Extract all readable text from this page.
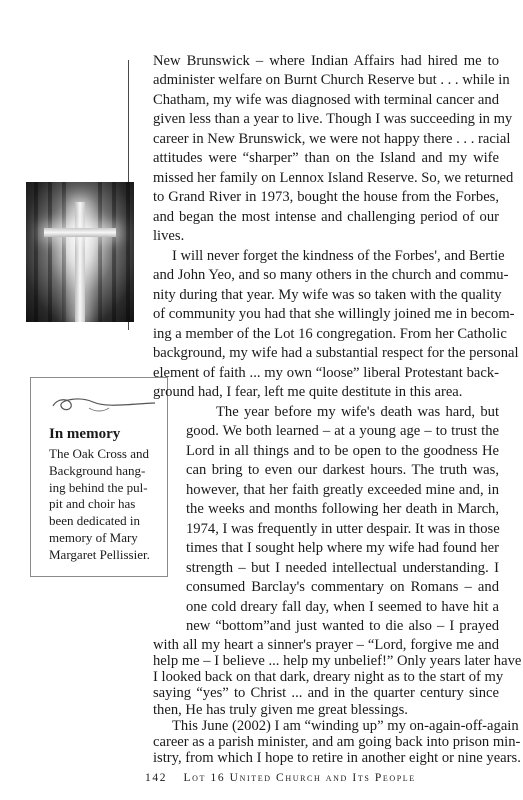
In memory
The Oak Cross and
Background hang-
ing behind the pul-
pit and choir has
been dedicated in
memory of Mary
Margaret Pellissier.
New Brunswick – where Indian Affairs had hired me to
administer welfare on Burnt Church Reserve but . . . while in
Chatham, my wife was diagnosed with terminal cancer and
given less than a year to live. Though I was succeeding in my
career in New Brunswick, we were not happy there . . . racial
attitudes were “sharper” than on the Island and my wife
missed her family on Lennox Island Reserve. So, we returned
to Grand River in 1973, bought the house from the Forbes,
and began the most intense and challenging period of our
lives.
I will never forget the kindness of the Forbes', and Bertie
and John Yeo, and so many others in the church and commu-
nity during that year. My wife was so taken with the quality
of community you had that she willingly joined me in becom-
ing a member of the Lot 16 congregation. From her Catholic
background, my wife had a substantial respect for the personal
element of faith ... my own “loose” liberal Protestant back-
ground had, I fear, left me quite destitute in this area.
The year before my wife's death was hard, but
good. We both learned – at a young age – to trust the
Lord in all things and to be open to the goodness He
can bring to even our darkest hours. The truth was,
however, that her faith greatly exceeded mine and, in
the weeks and months following her death in March,
1974, I was frequently in utter despair. It was in those
times that I sought help where my wife had found her
strength – but I needed intellectual understanding. I
consumed Barclay's commentary on Romans – and
one cold dreary fall day, when I seemed to have hit a
new “bottom”and just wanted to die also – I prayed
with all my heart a sinner's prayer – “Lord, forgive me and
help me – I believe ... help my unbelief!” Only years later have
I looked back on that dark, dreary night as to the start of my
saying “yes” to Christ ... and in the quarter century since
then, He has truly given me great blessings.
This June (2002) I am “winding up” my on-again-off-again
career as a parish minister, and am going back into prison min-
istry, from which I hope to retire in another eight or nine years.
142 Lot 16 United Church and Its People
